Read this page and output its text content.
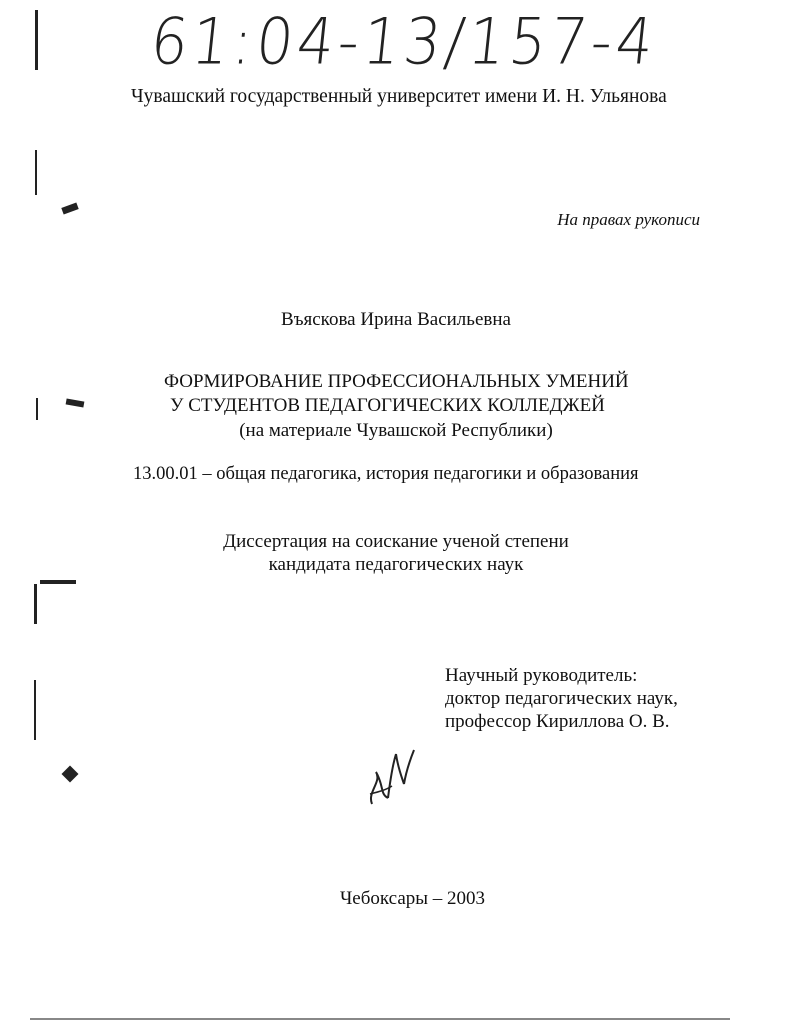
61:04-13/157-4
Чувашский государственный университет имени И. Н. Ульянова
На правах рукописи
Въяскова Ирина Васильевна
ФОРМИРОВАНИЕ ПРОФЕССИОНАЛЬНЫХ УМЕНИЙ
У СТУДЕНТОВ ПЕДАГОГИЧЕСКИХ КОЛЛЕДЖЕЙ
(на материале Чувашской Республики)
13.00.01 – общая педагогика, история педагогики и образования
Диссертация на соискание ученой степени
кандидата педагогических наук
Научный руководитель:
доктор педагогических наук,
профессор Кириллова О. В.
Чебоксары – 2003
